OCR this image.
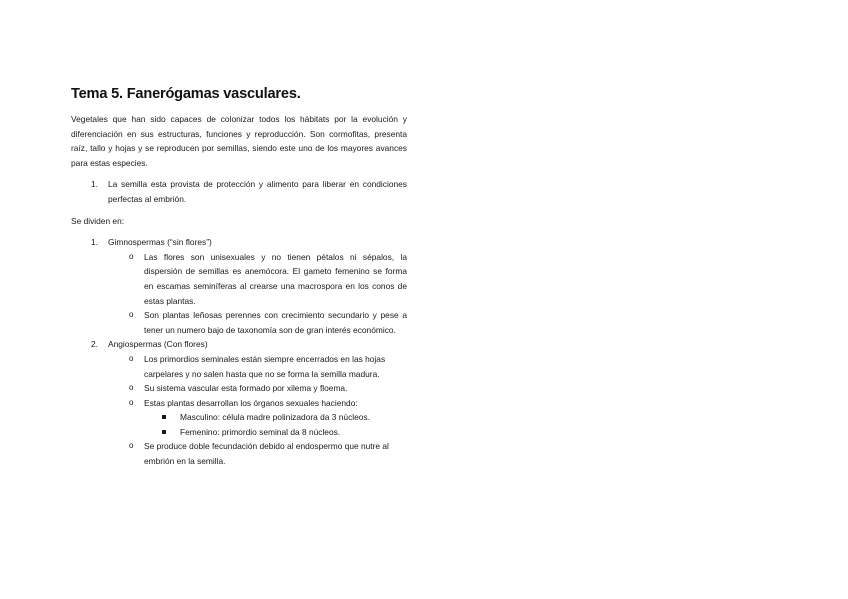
Tema 5. Fanerógamas vasculares.
Vegetales que han sido capaces de colonizar todos los hábitats por la evolución y diferenciación en sus estructuras, funciones y reproducción. Son cormofitas, presenta raíz, tallo y hojas y se reproducen por semillas, siendo este uno de los mayores avances para estas especies.
1. La semilla esta provista de protección y alimento para liberar en condiciones perfectas al embrión.
Se dividen en:
1. Gimnospermas (“sin flores”)
o Las flores son unisexuales y no tienen pétalos ni sépalos, la dispersión de semillas es anemócora. El gameto femenino se forma en escamas seminíferas al crearse una macrospora en los conos de estas plantas.
o Son plantas leñosas perennes con crecimiento secundario y pese a tener un numero bajo de taxonomía son de gran interés económico.
2. Angiospermas (Con flores)
o Los primordios seminales están siempre encerrados en las hojas carpelares y no salen hasta que no se forma la semilla madura.
o Su sistema vascular esta formado por xilema y floema.
o Estas plantas desarrollan los órganos sexuales haciendo:
Masculino: célula madre polinizadora da 3 núcleos.
Femenino: primordio seminal da 8 núcleos.
o Se produce doble fecundación debido al endospermo que nutre al embrión en la semilla.
